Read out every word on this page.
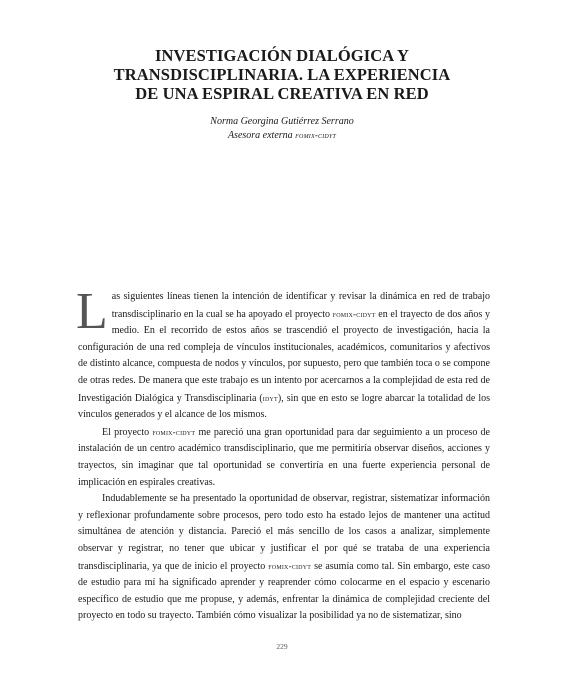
INVESTIGACIÓN DIALÓGICA Y
TRANSDISCIPLINARIA. LA EXPERIENCIA
DE UNA ESPIRAL CREATIVA EN RED
Norma Georgina Gutiérrez Serrano
Asesora externa fomix-cidyt

Las siguientes líneas tienen la intención de identificar y revisar la dinámica en red de trabajo transdisciplinario en la cual se ha apoyado el proyecto fomix-cidyt en el trayecto de dos años y medio. En el recorrido de estos años se trascendió el proyecto de investigación, hacia la configuración de una red compleja de vínculos institucionales, académicos, comunitarios y afectivos de distinto alcance, compuesta de nodos y vínculos, por supuesto, pero que también toca o se compone de otras redes. De manera que este trabajo es un intento por acercarnos a la complejidad de esta red de Investigación Dialógica y Transdisciplinaria (idyt), sin que en esto se logre abarcar la totalidad de los vínculos generados y el alcance de los mismos.

El proyecto fomix-cidyt me pareció una gran oportunidad para dar seguimiento a un proceso de instalación de un centro académico transdisciplinario, que me permitiría observar diseños, acciones y trayectos, sin imaginar que tal oportunidad se convertiría en una fuerte experiencia personal de implicación en espirales creativas.

Indudablemente se ha presentado la oportunidad de observar, registrar, sistematizar información y reflexionar profundamente sobre procesos, pero todo esto ha estado lejos de mantener una actitud simultánea de atención y distancia. Pareció el más sencillo de los casos a analizar, simplemente observar y registrar, no tener que ubicar y justificar el por qué se trataba de una experiencia transdisciplinaria, ya que de inicio el proyecto fomix-cidyt se asumía como tal. Sin embargo, este caso de estudio para mí ha significado aprender y reaprender cómo colocarme en el espacio y escenario específico de estudio que me propuse, y además, enfrentar la dinámica de complejidad creciente del proyecto en todo su trayecto. También cómo visualizar la posibilidad ya no de sistematizar, sino

229
